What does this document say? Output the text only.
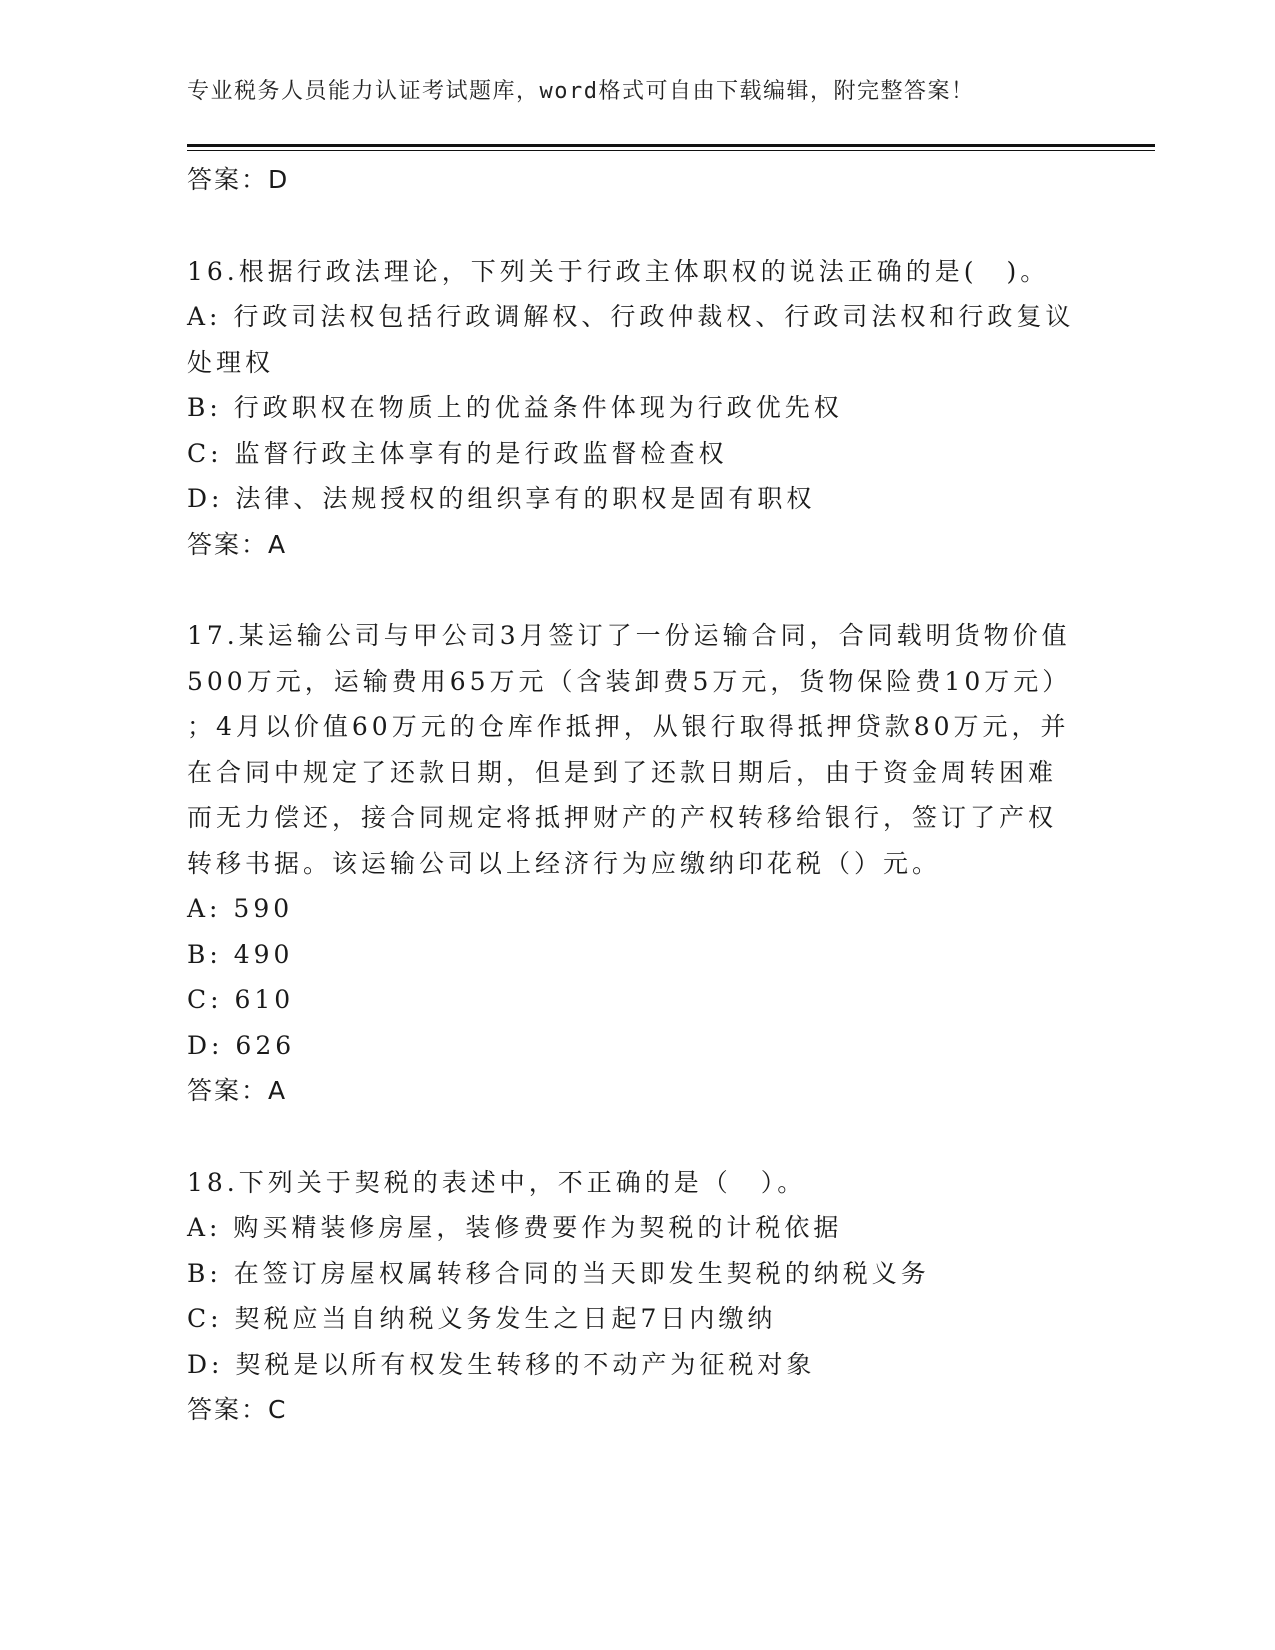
专业税务人员能力认证考试题库，word格式可自由下载编辑，附完整答案！
答案：D
16.根据行政法理论，下列关于行政主体职权的说法正确的是(　)。
A: 行政司法权包括行政调解权、行政仲裁权、行政司法权和行政复议
处理权
B: 行政职权在物质上的优益条件体现为行政优先权
C: 监督行政主体享有的是行政监督检查权
D: 法律、法规授权的组织享有的职权是固有职权
答案：A
17.某运输公司与甲公司3月签订了一份运输合同，合同载明货物价值
500万元，运输费用65万元（含装卸费5万元，货物保险费10万元）
；4月以价值60万元的仓库作抵押，从银行取得抵押贷款80万元，并
在合同中规定了还款日期，但是到了还款日期后，由于资金周转困难
而无力偿还，接合同规定将抵押财产的产权转移给银行，签订了产权
转移书据。该运输公司以上经济行为应缴纳印花税（）元。
A: 590
B: 490
C: 610
D: 626
答案：A
18.下列关于契税的表述中，不正确的是（　）。
A: 购买精装修房屋，装修费要作为契税的计税依据
B: 在签订房屋权属转移合同的当天即发生契税的纳税义务
C: 契税应当自纳税义务发生之日起7日内缴纳
D: 契税是以所有权发生转移的不动产为征税对象
答案：C
